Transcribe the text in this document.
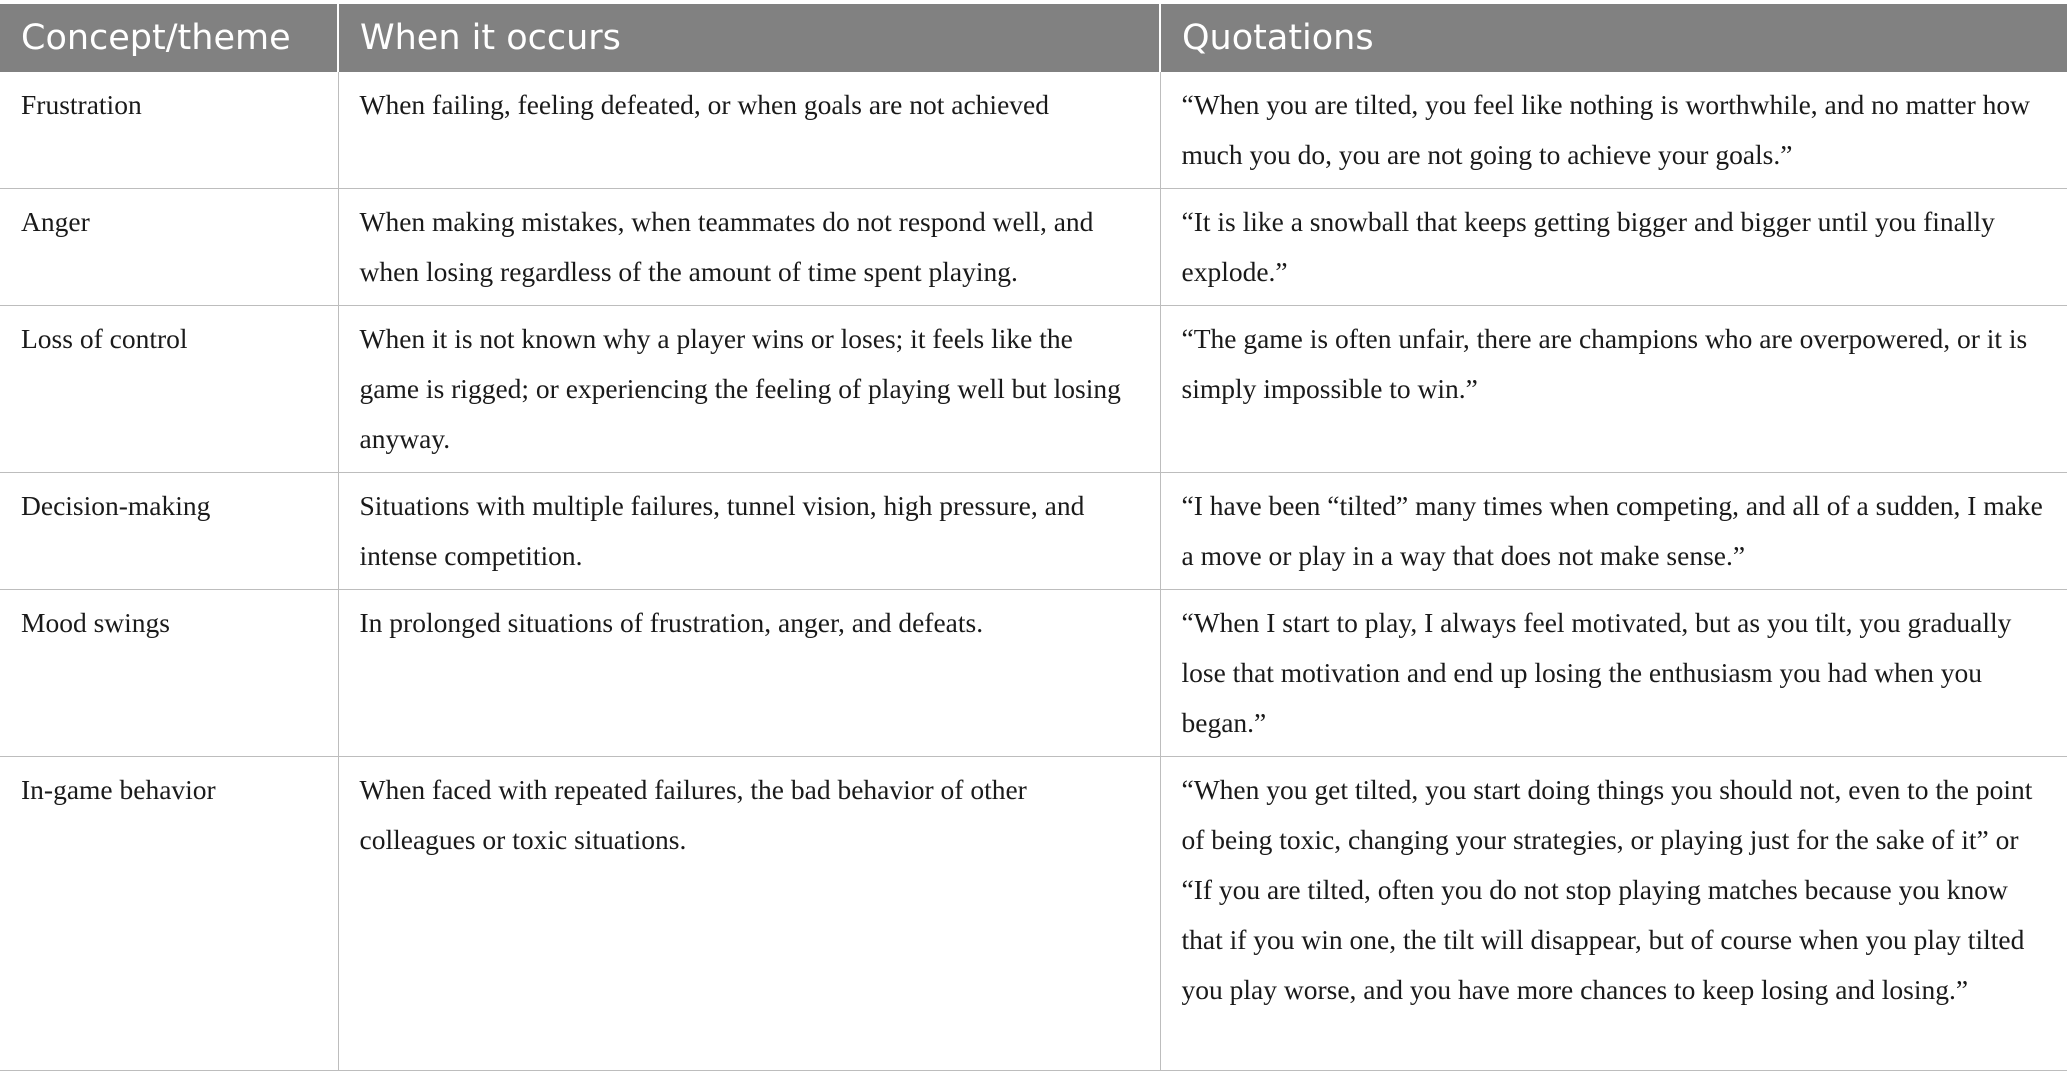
Concept/theme	When it occurs	Quotations
Frustration	When failing, feeling defeated, or when goals are not achieved	“When you are tilted, you feel like nothing is worthwhile, and no matter how much you do, you are not going to achieve your goals.”
Anger	When making mistakes, when teammates do not respond well, and when losing regardless of the amount of time spent playing.	“It is like a snowball that keeps getting bigger and bigger until you finally explode.”
Loss of control	When it is not known why a player wins or loses; it feels like the game is rigged; or experiencing the feeling of playing well but losing anyway.	“The game is often unfair, there are champions who are overpowered, or it is simply impossible to win.”
Decision-making	Situations with multiple failures, tunnel vision, high pressure, and intense competition.	“I have been “tilted” many times when competing, and all of a sudden, I make a move or play in a way that does not make sense.”
Mood swings	In prolonged situations of frustration, anger, and defeats.	“When I start to play, I always feel motivated, but as you tilt, you gradually lose that motivation and end up losing the enthusiasm you had when you began.”
In-game behavior	When faced with repeated failures, the bad behavior of other colleagues or toxic situations.	“When you get tilted, you start doing things you should not, even to the point of being toxic, changing your strategies, or playing just for the sake of it” or “If you are tilted, often you do not stop playing matches because you know that if you win one, the tilt will disappear, but of course when you play tilted you play worse, and you have more chances to keep losing and losing.”
